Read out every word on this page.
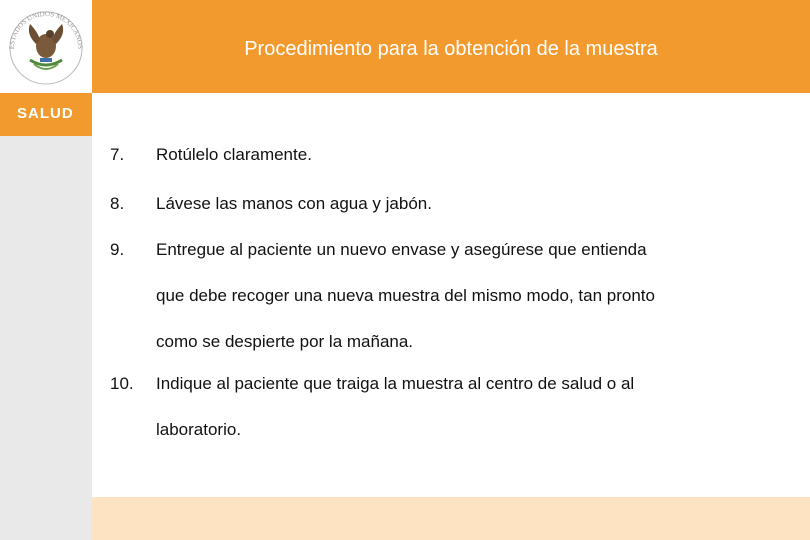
ESTADOS UNIDOS MEXICANOS	Procedimiento para la obtención de la muestra
SALUD
7. Rotúlelo claramente.
8. Lávese las manos con agua y jabón.
9. Entregue al paciente un nuevo envase y asegúrese que entienda
que debe recoger una nueva muestra del mismo modo, tan pronto
como se despierte por la mañana.
10. Indique al paciente que traiga la muestra al centro de salud o al
laboratorio.
